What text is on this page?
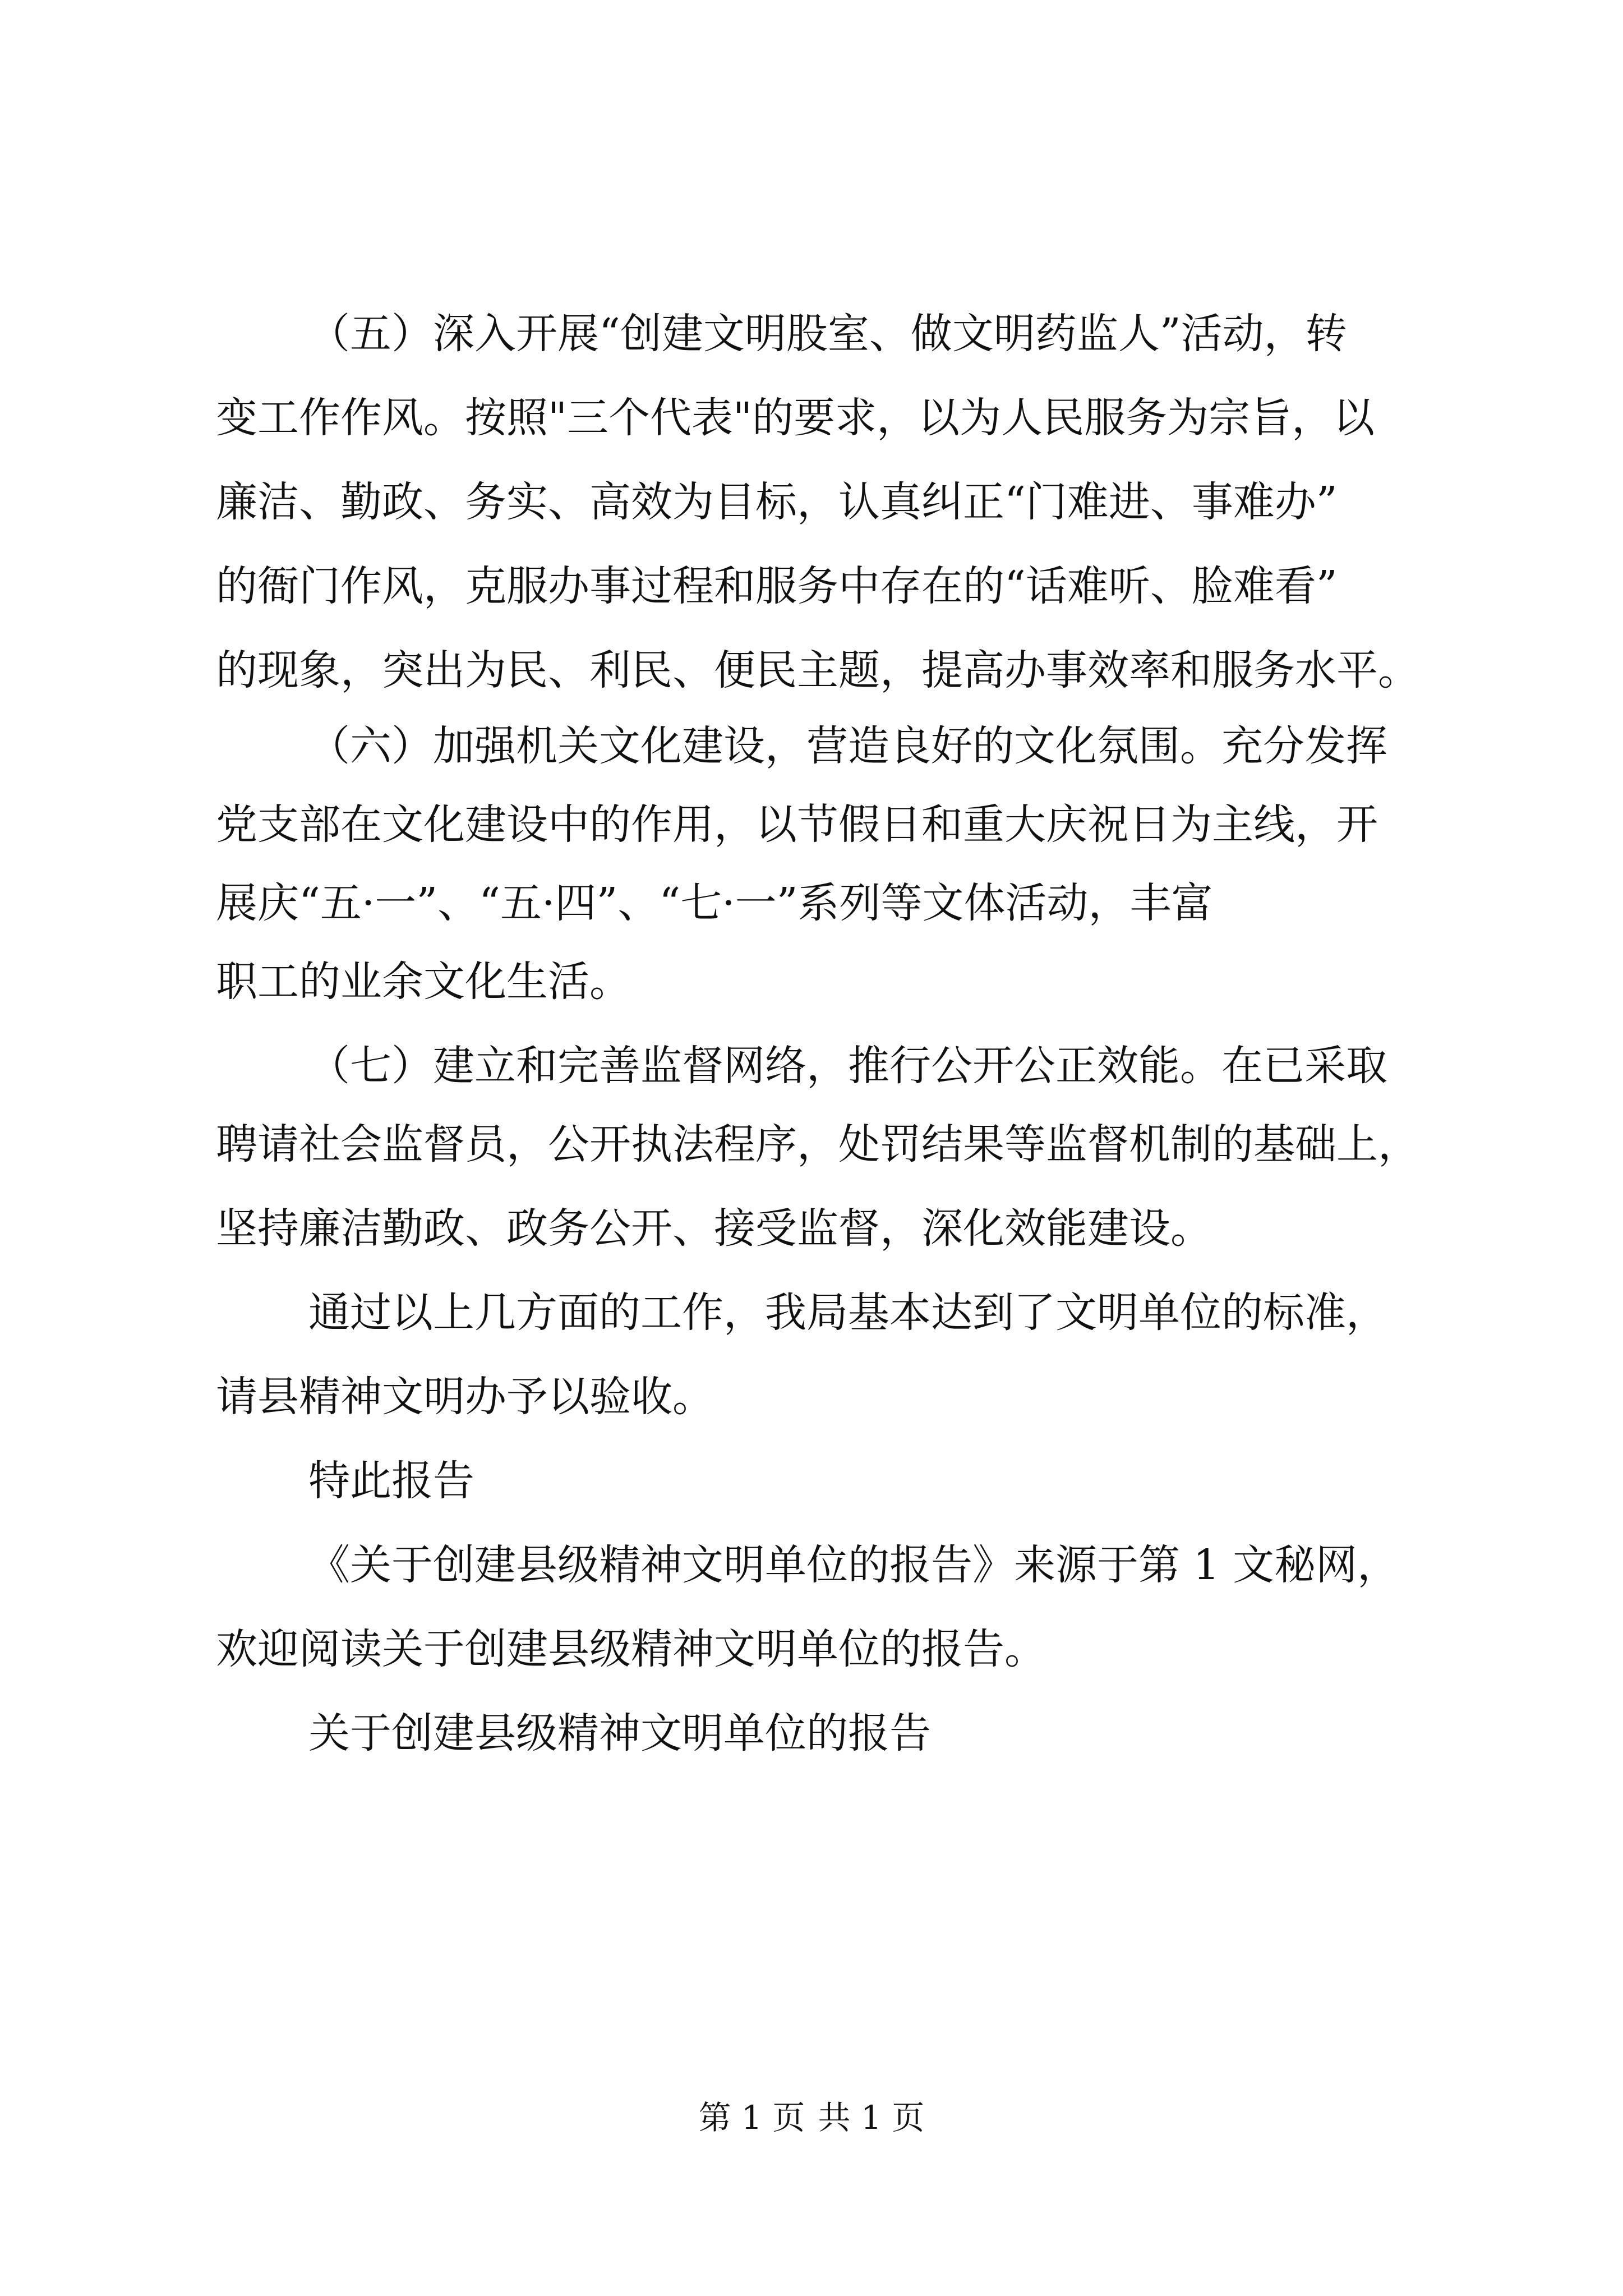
（五）深入开展“创建文明股室、做文明药监人”活动，转
变工作作风。按照"三个代表"的要求，以为人民服务为宗旨，以
廉洁、勤政、务实、高效为目标，认真纠正“门难进、事难办”
的衙门作风，克服办事过程和服务中存在的“话难听、脸难看”
的现象，突出为民、利民、便民主题，提高办事效率和服务水平。
（六）加强机关文化建设，营造良好的文化氛围。充分发挥
党支部在文化建设中的作用，以节假日和重大庆祝日为主线，开
展庆“五·一”、“五·四”、“七·一”系列等文体活动，丰富
职工的业余文化生活。
（七）建立和完善监督网络，推行公开公正效能。在已采取
聘请社会监督员，公开执法程序，处罚结果等监督机制的基础上，
坚持廉洁勤政、政务公开、接受监督，深化效能建设。
通过以上几方面的工作，我局基本达到了文明单位的标准，
请县精神文明办予以验收。
特此报告
《关于创建县级精神文明单位的报告》来源于第 1 文秘网，
欢迎阅读关于创建县级精神文明单位的报告。
关于创建县级精神文明单位的报告
第 1 页 共 1 页
